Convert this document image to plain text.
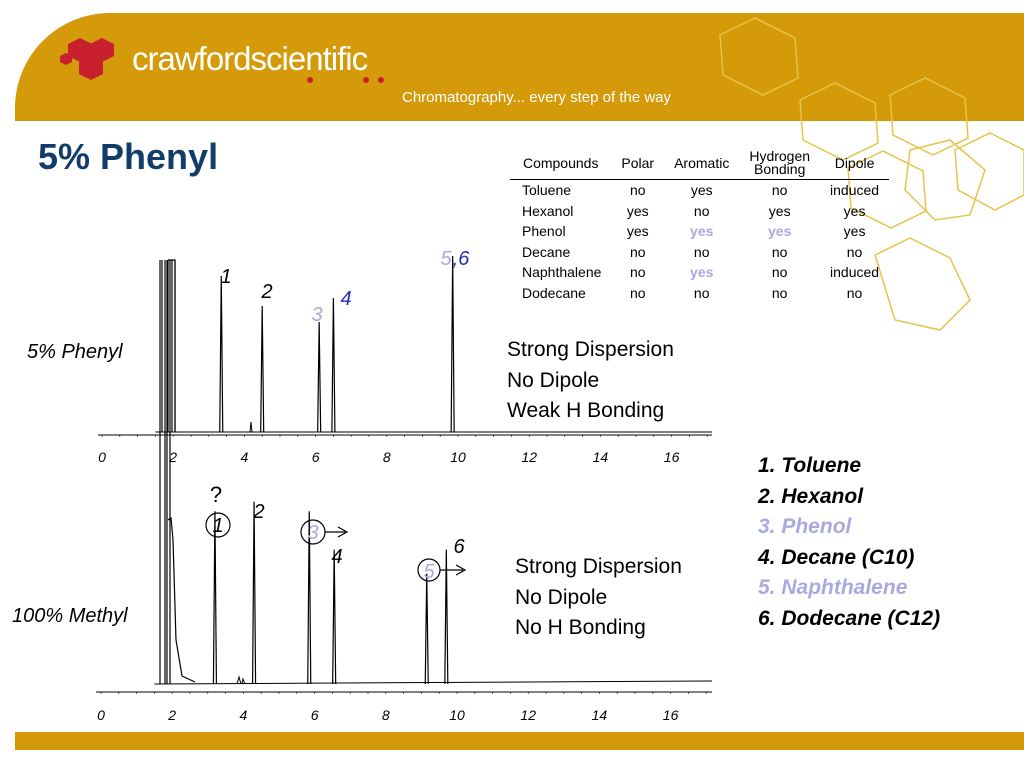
crawfordscientific
Chromatography... every step of the way
5% Phenyl	Compounds	Polar	Aromatic	Hydrogen
Bonding	Dipole
Toluene	no	yes	no	induced
Hexanol	yes	no	yes	yes
Phenol	yes	yes	yes	yes
Decane	no	no	no	no
Naphthalene	no	yes	no	induced
Dodecane	no	no	no	no
0	2	4	6	8	10	12	14	16
1
2
3
4
5 ,6
0	2	4	6	8	10	12	14	16
1
2
3
4
5
6
?
5% Phenyl
100% Methyl
Strong Dispersion
No Dipole
Weak H Bonding
Strong Dispersion
No Dipole
No H Bonding
1. Toluene
2. Hexanol
3. Phenol
4. Decane (C10)
5. Naphthalene
6. Dodecane (C12)
